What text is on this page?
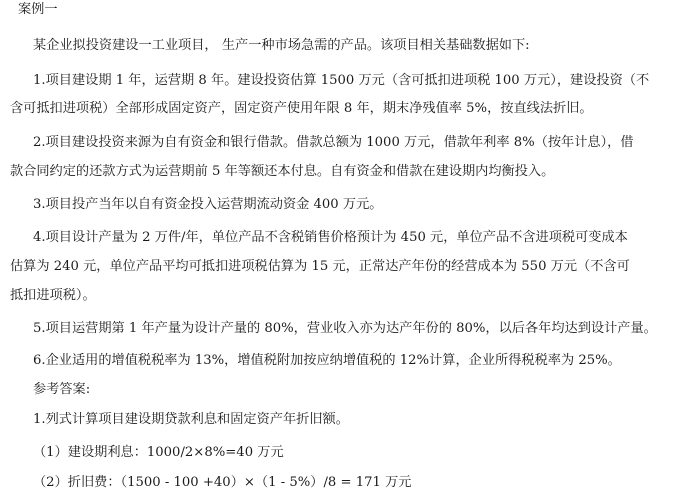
案例一
某企业拟投资建设一工业项目， 生产一种市场急需的产品。该项目相关基础数据如下:
1.项目建设期 1 年，运营期 8 年。建设投资估算 1500 万元（含可抵扣进项税 100 万元），建设投资（不
含可抵扣进项税）全部形成固定资产，固定资产使用年限 8 年，期末净残值率 5%，按直线法折旧。
2.项目建设投资来源为自有资金和银行借款。借款总额为 1000 万元，借款年利率 8%（按年计息），借
款合同约定的还款方式为运营期前 5 年等额还本付息。自有资金和借款在建设期内均衡投入。
3.项目投产当年以自有资金投入运营期流动资金 400 万元。
4.项目设计产量为 2 万件/年，单位产品不含税销售价格预计为 450 元，单位产品不含进项税可变成本
估算为 240 元，单位产品平均可抵扣进项税估算为 15 元，正常达产年份的经营成本为 550 万元（不含可
抵扣进项税）。
5.项目运营期第 1 年产量为设计产量的 80%，营业收入亦为达产年份的 80%，以后各年均达到设计产量。
6.企业适用的增值税税率为 13%，增值税附加按应纳增值税的 12%计算，企业所得税税率为 25%。
参考答案:
1.列式计算项目建设期贷款利息和固定资产年折旧额。
（1）建设期利息：1000/2×8%=40 万元
（2）折旧费：（1500 - 100 +40）×（1 - 5%）/8 = 171 万元
